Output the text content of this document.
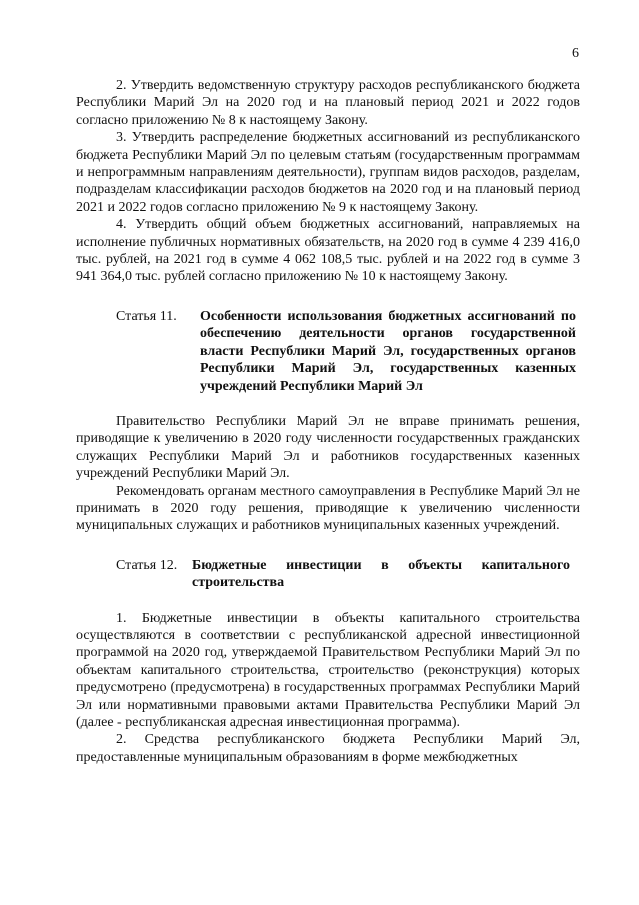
6

2. Утвердить ведомственную структуру расходов республиканского бюджета Республики Марий Эл на 2020 год и на плановый период 2021 и 2022 годов согласно приложению № 8 к настоящему Закону.

3. Утвердить распределение бюджетных ассигнований из республиканского бюджета Республики Марий Эл по целевым статьям (государственным программам и непрограммным направлениям деятельности), группам видов расходов, разделам, подразделам классификации расходов бюджетов на 2020 год и на плановый период 2021 и 2022 годов согласно приложению № 9 к настоящему Закону.

4. Утвердить общий объем бюджетных ассигнований, направляемых на исполнение публичных нормативных обязательств, на 2020 год в сумме 4 239 416,0 тыс. рублей, на 2021 год в сумме 4 062 108,5 тыс. рублей и на 2022 год в сумме 3 941 364,0 тыс. рублей согласно приложению № 10 к настоящему Закону.

Статья 11.	Особенности использования бюджетных ассигнований по обеспечению деятельности органов государственной власти Республики Марий Эл, государственных органов Республики Марий Эл, государственных казенных учреждений Республики Марий Эл

Правительство Республики Марий Эл не вправе принимать решения, приводящие к увеличению в 2020 году численности государственных гражданских служащих Республики Марий Эл и работников государственных казенных учреждений Республики Марий Эл.

Рекомендовать органам местного самоуправления в Республике Марий Эл не принимать в 2020 году решения, приводящие к увеличению численности муниципальных служащих и работников муниципальных казенных учреждений.

Статья 12.	Бюджетные инвестиции в объекты капитального строительства

1. Бюджетные инвестиции в объекты капитального строительства осуществляются в соответствии с республиканской адресной инвестиционной программой на 2020 год, утверждаемой Правительством Республики Марий Эл по объектам капитального строительства, строительство (реконструкция) которых предусмотрено (предусмотрена) в государственных программах Республики Марий Эл или нормативными правовыми актами Правительства Республики Марий Эл (далее - республиканская адресная инвестиционная программа).

2. Средства республиканского бюджета Республики Марий Эл, предоставленные муниципальным образованиям в форме межбюджетных
